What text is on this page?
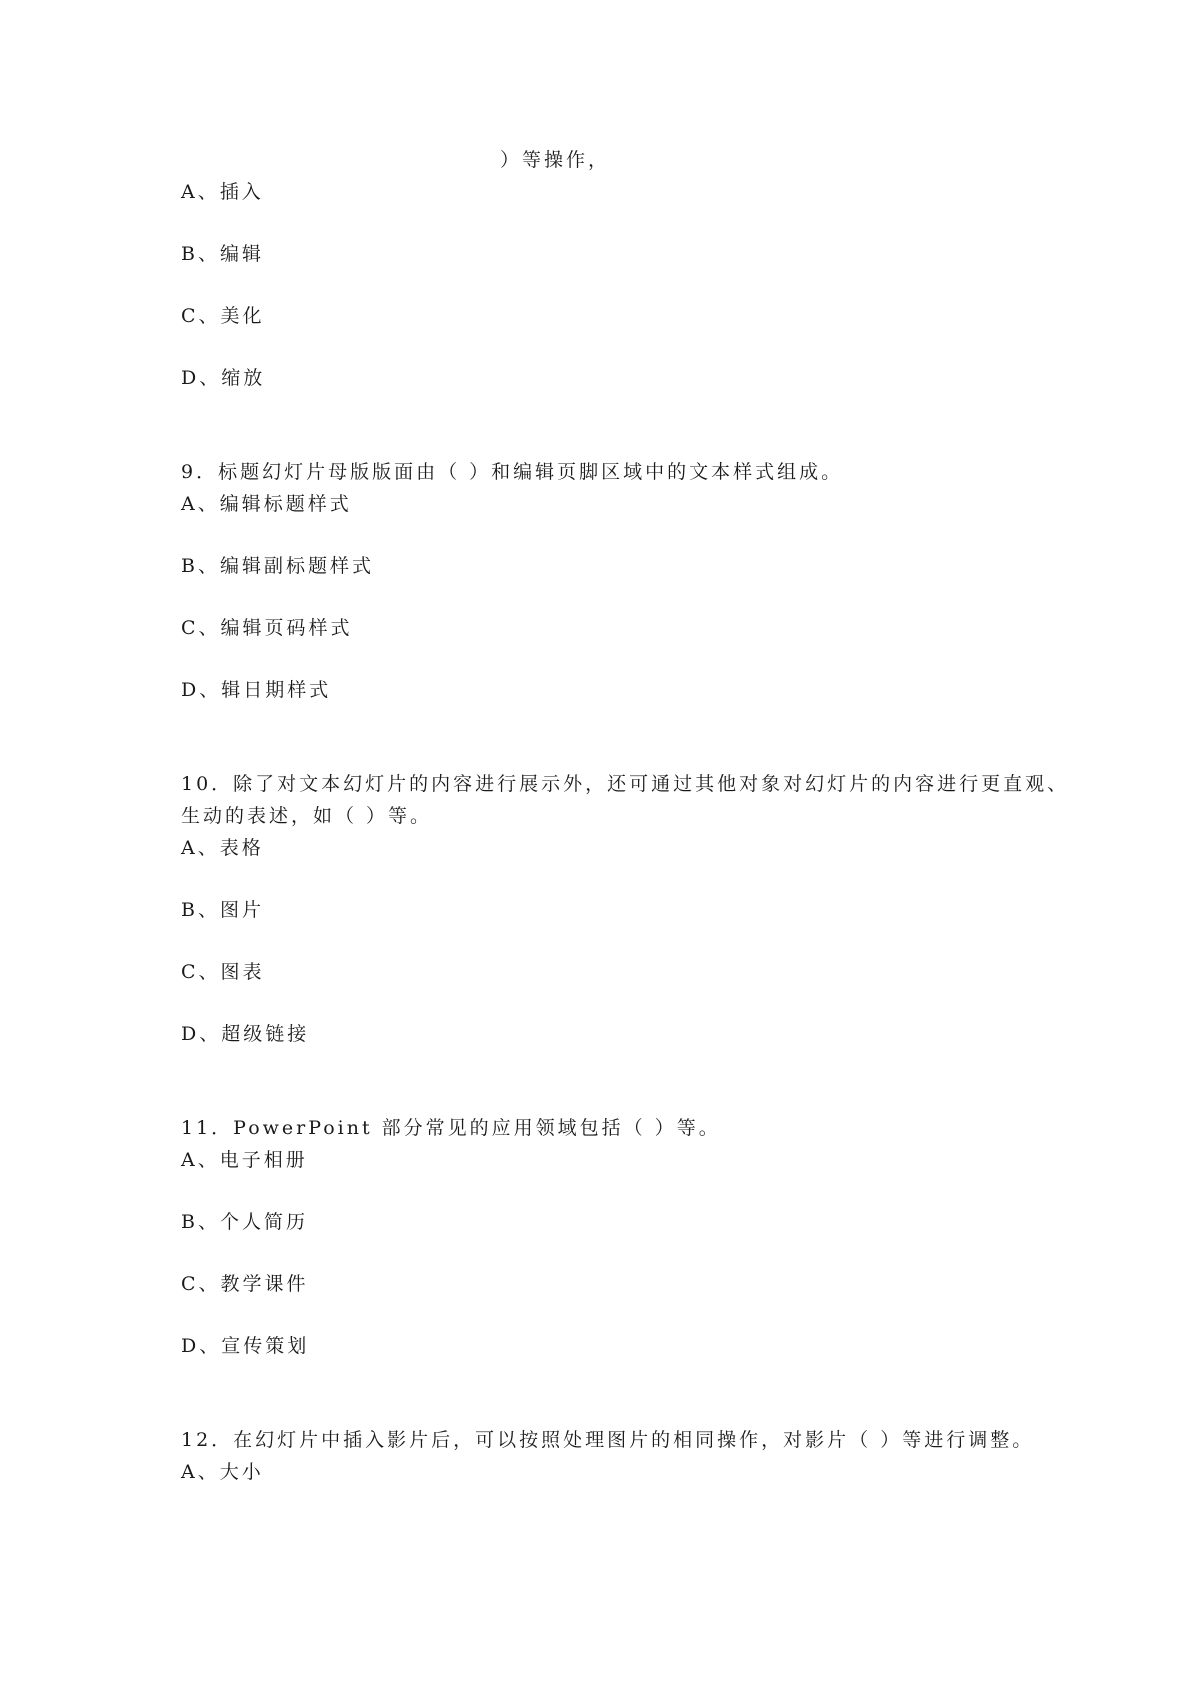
）等操作，
A、插入
B、编辑
C、美化
D、缩放
9．标题幻灯片母版版面由（ ）和编辑页脚区域中的文本样式组成。
A、编辑标题样式
B、编辑副标题样式
C、编辑页码样式
D、辑日期样式
10．除了对文本幻灯片的内容进行展示外，还可通过其他对象对幻灯片的内容进行更直观、
生动的表述，如（ ）等。
A、表格
B、图片
C、图表
D、超级链接
11．PowerPoint 部分常见的应用领域包括（ ）等。
A、电子相册
B、个人简历
C、教学课件
D、宣传策划
12．在幻灯片中插入影片后，可以按照处理图片的相同操作，对影片（ ）等进行调整。
A、大小
